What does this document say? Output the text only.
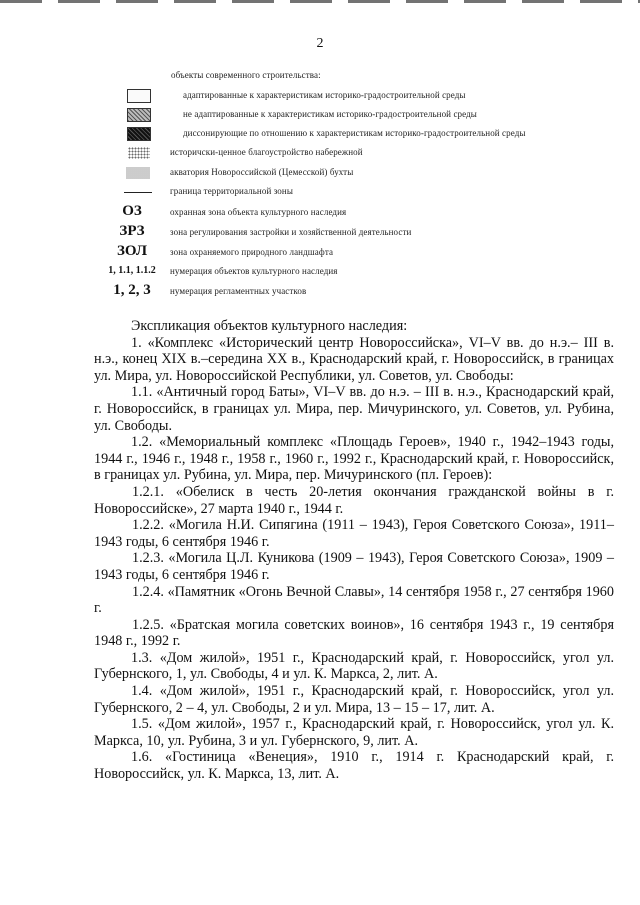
2
объекты современного строительства:
адаптированные к характеристикам историко-градостроительной среды
не адаптированные к характеристикам историко-градостроительной среды
диссонирующие по отношению к характеристикам историко-градостроительной среды
историчски-ценное благоустройство набережной
акватория Новороссийской (Цемесской) бухты
граница территориальной зоны
ОЗ	охранная зона объекта культурного наследия
ЗРЗ	зона регулирования застройки и хозяйственной деятельности
ЗОЛ	зона охраняемого природного ландшафта
1, 1.1, 1.1.2	нумерация объектов культурного наследия
1, 2, 3	нумерация регламентных участков

Экспликация объектов культурного наследия:

1. «Комплекс «Исторический центр Новороссийска», VI–V вв. до н.э.– III в. н.э., конец XIX в.–середина XX в., Краснодарский край, г. Новороссийск, в границах ул. Мира, ул. Новороссийской Республики, ул. Советов, ул. Свободы:

1.1. «Античный город Баты», VI–V вв. до н.э. – III в. н.э., Краснодарский край, г. Новороссийск, в границах ул. Мира, пер. Мичуринского, ул. Советов, ул. Рубина, ул. Свободы.

1.2. «Мемориальный комплекс «Площадь Героев», 1940 г., 1942–1943 годы, 1944 г., 1946 г., 1948 г., 1958 г., 1960 г., 1992 г., Краснодарский край, г. Новороссийск, в границах ул. Рубина, ул. Мира, пер. Мичуринского (пл. Героев):

1.2.1. «Обелиск в честь 20-летия окончания гражданской войны в г. Новороссийске», 27 марта 1940 г., 1944 г.

1.2.2. «Могила Н.И. Сипягина (1911 – 1943), Героя Советского Союза», 1911–1943 годы, 6 сентября 1946 г.

1.2.3. «Могила Ц.Л. Куникова (1909 – 1943), Героя Советского Союза», 1909 – 1943 годы, 6 сентября 1946 г.

1.2.4. «Памятник «Огонь Вечной Славы», 14 сентября 1958 г., 27 сентября 1960 г.

1.2.5. «Братская могила советских воинов», 16 сентября 1943 г., 19 сентября 1948 г., 1992 г.

1.3. «Дом жилой», 1951 г., Краснодарский край, г. Новороссийск, угол ул. Губернского, 1, ул. Свободы, 4 и ул. К. Маркса, 2, лит. А.

1.4. «Дом жилой», 1951 г., Краснодарский край, г. Новороссийск, угол ул. Губернского, 2 – 4, ул. Свободы, 2 и ул. Мира, 13 – 15 – 17, лит. А.

1.5. «Дом жилой», 1957 г., Краснодарский край, г. Новороссийск, угол ул. К. Маркса, 10, ул. Рубина, 3 и ул. Губернского, 9, лит. А.

1.6. «Гостиница «Венеция», 1910 г., 1914 г. Краснодарский край, г. Новороссийск, ул. К. Маркса, 13, лит. А.
